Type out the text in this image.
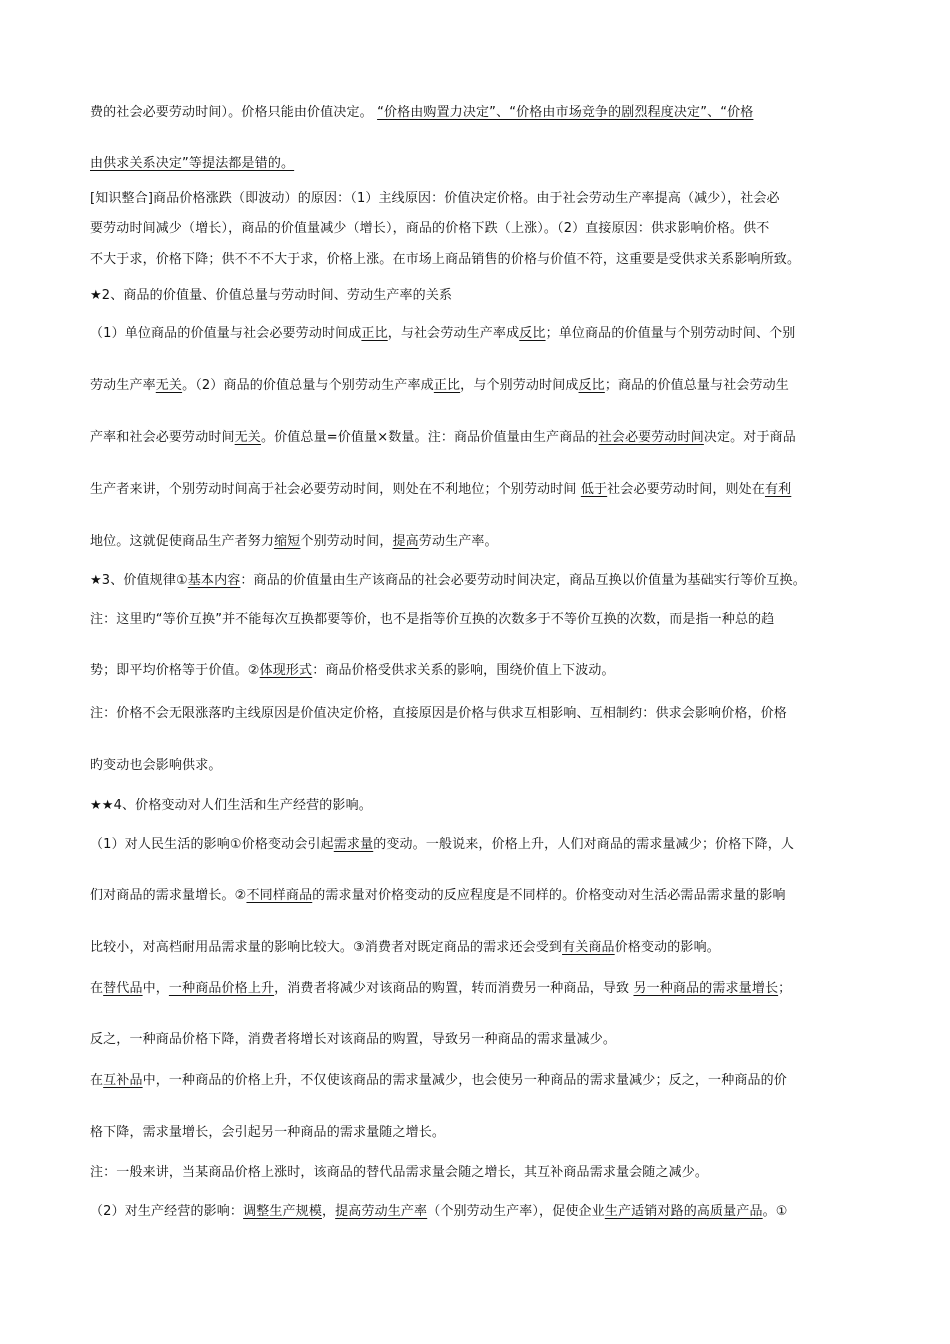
费的社会必要劳动时间）。价格只能由价值决定。 “价格由购置力决定”、“价格由市场竞争的剧烈程度决定”、“价格
由供求关系决定”等提法都是错的。
[知识整合]商品价格涨跌（即波动）的原因：（1）主线原因：价值决定价格。由于社会劳动生产率提高（减少），社会必
要劳动时间减少（增长），商品的价值量减少（增长），商品的价格下跌（上涨）。（2）直接原因：供求影响价格。供不
不大于求，价格下降；供不不不大于求，价格上涨。在市场上商品销售的价格与价值不符，这重要是受供求关系影响所致。
★2、商品的价值量、价值总量与劳动时间、劳动生产率的关系
（1）单位商品的价值量与社会必要劳动时间成正比，与社会劳动生产率成反比；单位商品的价值量与个别劳动时间、个别
劳动生产率无关。（2）商品的价值总量与个别劳动生产率成正比，与个别劳动时间成反比；商品的价值总量与社会劳动生
产率和社会必要劳动时间无关。价值总量=价值量×数量。注：商品价值量由生产商品的社会必要劳动时间决定。对于商品
生产者来讲，个别劳动时间高于社会必要劳动时间，则处在不利地位；个别劳动时间 低于社会必要劳动时间，则处在有利
地位。这就促使商品生产者努力缩短个别劳动时间，提高劳动生产率。
★3、价值规律①基本内容：商品的价值量由生产该商品的社会必要劳动时间决定，商品互换以价值量为基础实行等价互换。
注：这里旳“等价互换”并不能每次互换都要等价，也不是指等价互换的次数多于不等价互换的次数，而是指一种总的趋
势；即平均价格等于价值。②体现形式：商品价格受供求关系的影响，围绕价值上下波动。
注：价格不会无限涨落旳主线原因是价值决定价格，直接原因是价格与供求互相影响、互相制约：供求会影响价格，价格
旳变动也会影响供求。
★★4、价格变动对人们生活和生产经营的影响。
（1）对人民生活的影响①价格变动会引起需求量的变动。一般说来，价格上升，人们对商品的需求量减少；价格下降，人
们对商品的需求量增长。②不同样商品的需求量对价格变动的反应程度是不同样的。价格变动对生活必需品需求量的影响
比较小，对高档耐用品需求量的影响比较大。③消费者对既定商品的需求还会受到有关商品价格变动的影响。
在替代品中，一种商品价格上升，消费者将减少对该商品的购置，转而消费另一种商品，导致 另一种商品的需求量增长；
反之，一种商品价格下降，消费者将增长对该商品的购置，导致另一种商品的需求量减少。
在互补品中，一种商品的价格上升，不仅使该商品的需求量减少，也会使另一种商品的需求量减少；反之，一种商品的价
格下降，需求量增长，会引起另一种商品的需求量随之增长。
注：一般来讲，当某商品价格上涨时，该商品的替代品需求量会随之增长，其互补商品需求量会随之减少。
（2）对生产经营的影响：调整生产规模，提高劳动生产率（个别劳动生产率），促使企业生产适销对路的高质量产品。①
